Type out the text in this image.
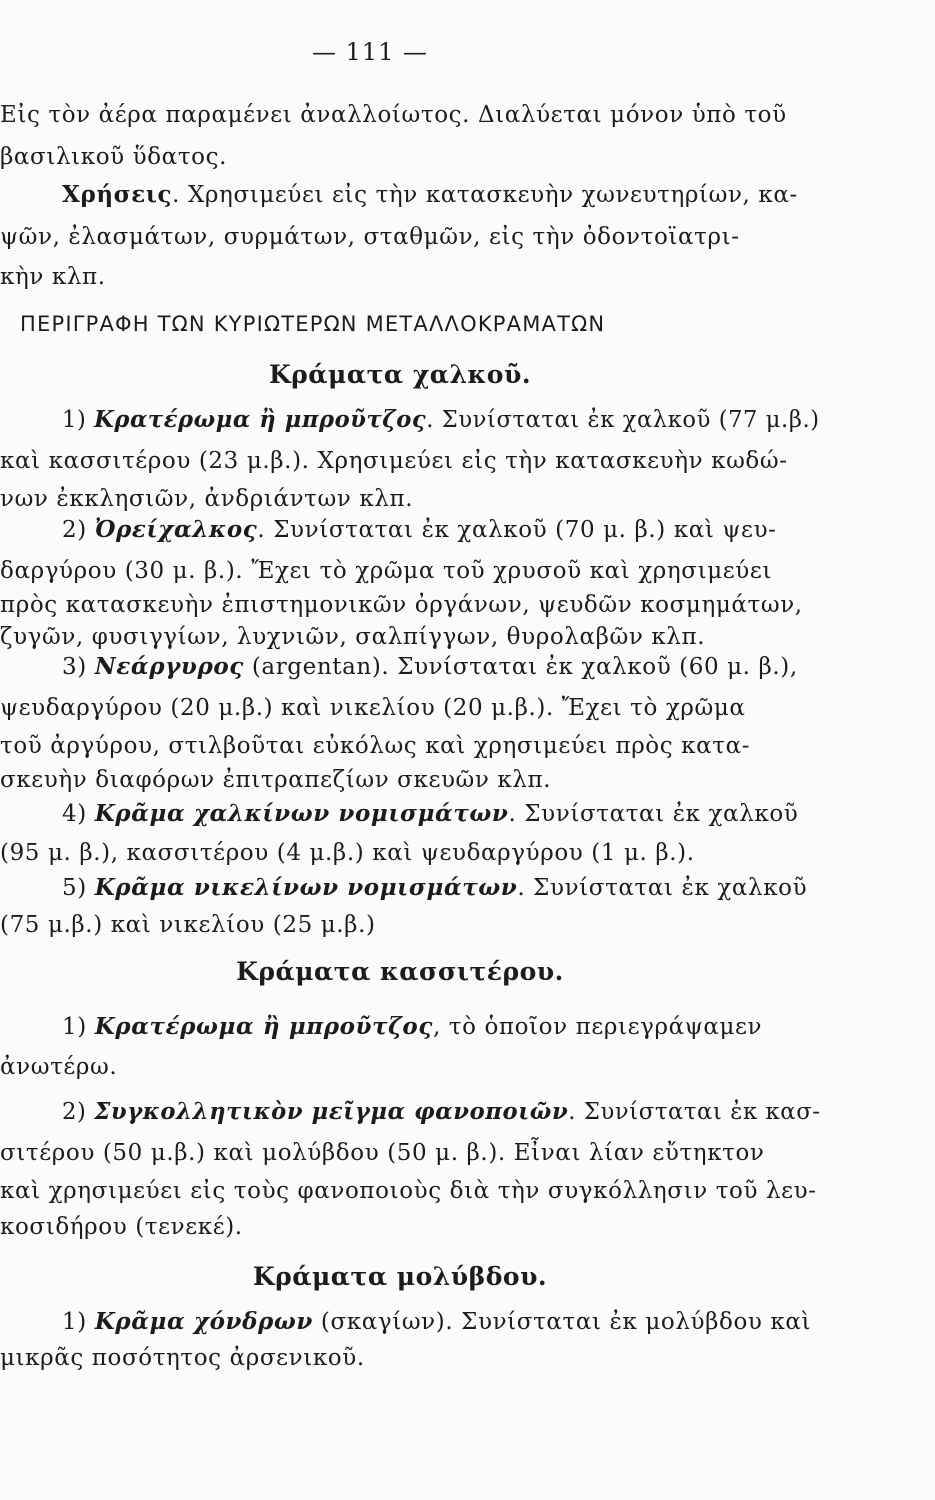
— 111 —
Εἰς τὸν ἀέρα παραμένει ἀναλλοίωτος. Διαλύεται μόνον ὑπὸ τοῦ
βασιλικοῦ ὕδατος.
Χρήσεις. Χρησιμεύει εἰς τὴν κατασκευὴν χωνευτηρίων, κα-
ψῶν, ἐλασμάτων, συρμάτων, σταθμῶν, εἰς τὴν ὀδοντοϊατρι-
κὴν κλπ.
ΠΕΡΙΓΡΑΦΗ ΤΩΝ ΚΥΡΙΩΤΕΡΩΝ ΜΕΤΑΛΛΟΚΡΑΜΑΤΩΝ
Κράματα χαλκοῦ.
1) Κρατέρωμα ἢ μπροῦτζος. Συνίσταται ἐκ χαλκοῦ (77 μ.β.)
καὶ κασσιτέρου (23 μ.β.). Χρησιμεύει εἰς τὴν κατασκευὴν κωδώ-
νων ἐκκλησιῶν, ἀνδριάντων κλπ.
2) Ὀρείχαλκος. Συνίσταται ἐκ χαλκοῦ (70 μ. β.) καὶ ψευ-
δαργύρου (30 μ. β.). Ἔχει τὸ χρῶμα τοῦ χρυσοῦ καὶ χρησιμεύει
πρὸς κατασκευὴν ἐπιστημονικῶν ὀργάνων, ψευδῶν κοσμημάτων,
ζυγῶν, φυσιγγίων, λυχνιῶν, σαλπίγγων, θυρολαβῶν κλπ.
3) Νεάργυρος (argentan). Συνίσταται ἐκ χαλκοῦ (60 μ. β.),
ψευδαργύρου (20 μ.β.) καὶ νικελίου (20 μ.β.). Ἔχει τὸ χρῶμα
τοῦ ἀργύρου, στιλβοῦται εὐκόλως καὶ χρησιμεύει πρὸς κατα-
σκευὴν διαφόρων ἐπιτραπεζίων σκευῶν κλπ.
4) Κρᾶμα χαλκίνων νομισμάτων. Συνίσταται ἐκ χαλκοῦ
(95 μ. β.), κασσιτέρου (4 μ.β.) καὶ ψευδαργύρου (1 μ. β.).
5) Κρᾶμα νικελίνων νομισμάτων. Συνίσταται ἐκ χαλκοῦ
(75 μ.β.) καὶ νικελίου (25 μ.β.)
Κράματα κασσιτέρου.
1) Κρατέρωμα ἢ μπροῦτζος, τὸ ὁποῖον περιεγράψαμεν
ἀνωτέρω.
2) Συγκολλητικὸν μεῖγμα φανοποιῶν. Συνίσταται ἐκ κασ-
σιτέρου (50 μ.β.) καὶ μολύβδου (50 μ. β.). Εἶναι λίαν εὔτηκτον
καὶ χρησιμεύει εἰς τοὺς φανοποιοὺς διὰ τὴν συγκόλλησιν τοῦ λευ-
κοσιδήρου (τενεκέ).
Κράματα μολύβδου.
1) Κρᾶμα χόνδρων (σκαγίων). Συνίσταται ἐκ μολύβδου καὶ
μικρᾶς ποσότητος ἀρσενικοῦ.
